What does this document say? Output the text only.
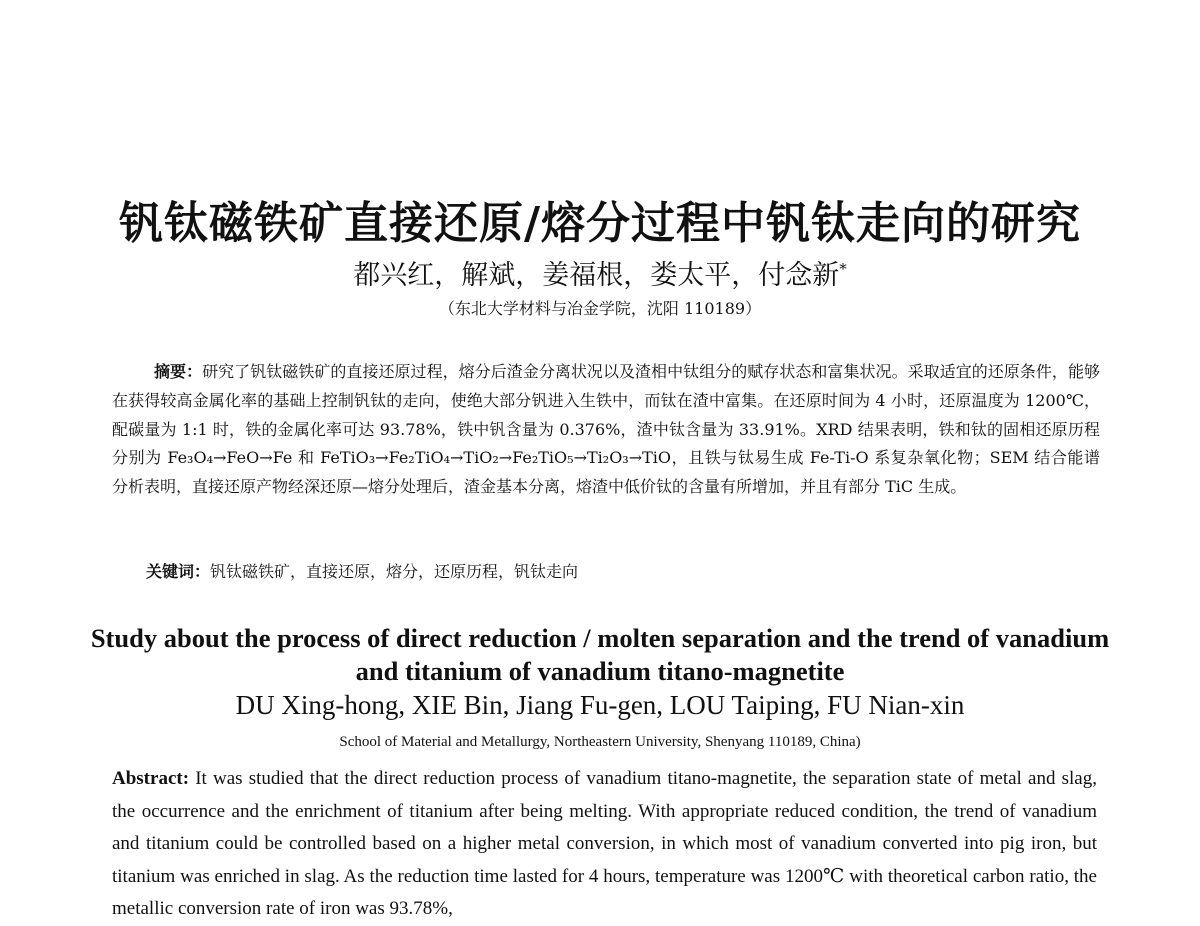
钒钛磁铁矿直接还原/熔分过程中钒钛走向的研究
都兴红，解斌，姜福根，娄太平，付念新*
（东北大学材料与冶金学院，沈阳 110189）

摘要：研究了钒钛磁铁矿的直接还原过程，熔分后渣金分离状况以及渣相中钛组分的赋存状态和富集状况。采取适宜的还原条件，能够在获得较高金属化率的基础上控制钒钛的走向，使绝大部分钒进入生铁中，而钛在渣中富集。在还原时间为 4 小时，还原温度为 1200℃，配碳量为 1:1 时，铁的金属化率可达 93.78%，铁中钒含量为 0.376%，渣中钛含量为 33.91%。XRD 结果表明，铁和钛的固相还原历程分别为 Fe₃O₄→FeO→Fe 和 FeTiO₃→Fe₂TiO₄→TiO₂→Fe₂TiO₅→Ti₂O₃→TiO，且铁与钛易生成 Fe-Ti-O 系复杂氧化物；SEM 结合能谱分析表明，直接还原产物经深还原—熔分处理后，渣金基本分离，熔渣中低价钛的含量有所增加，并且有部分 TiC 生成。

关键词：钒钛磁铁矿，直接还原，熔分，还原历程，钒钛走向
Study about the process of direct reduction / molten separation and the trend of vanadium and titanium of vanadium titano-magnetite
DU Xing-hong, XIE Bin, Jiang Fu-gen, LOU Taiping, FU Nian-xin
School of Material and Metallurgy, Northeastern University, Shenyang 110189, China)

Abstract: It was studied that the direct reduction process of vanadium titano-magnetite, the separation state of metal and slag, the occurrence and the enrichment of titanium after being melting. With appropriate reduced condition, the trend of vanadium and titanium could be controlled based on a higher metal conversion, in which most of vanadium converted into pig iron, but titanium was enriched in slag. As the reduction time lasted for 4 hours, temperature was 1200℃ with theoretical carbon ratio, the metallic conversion rate of iron was 93.78%,
